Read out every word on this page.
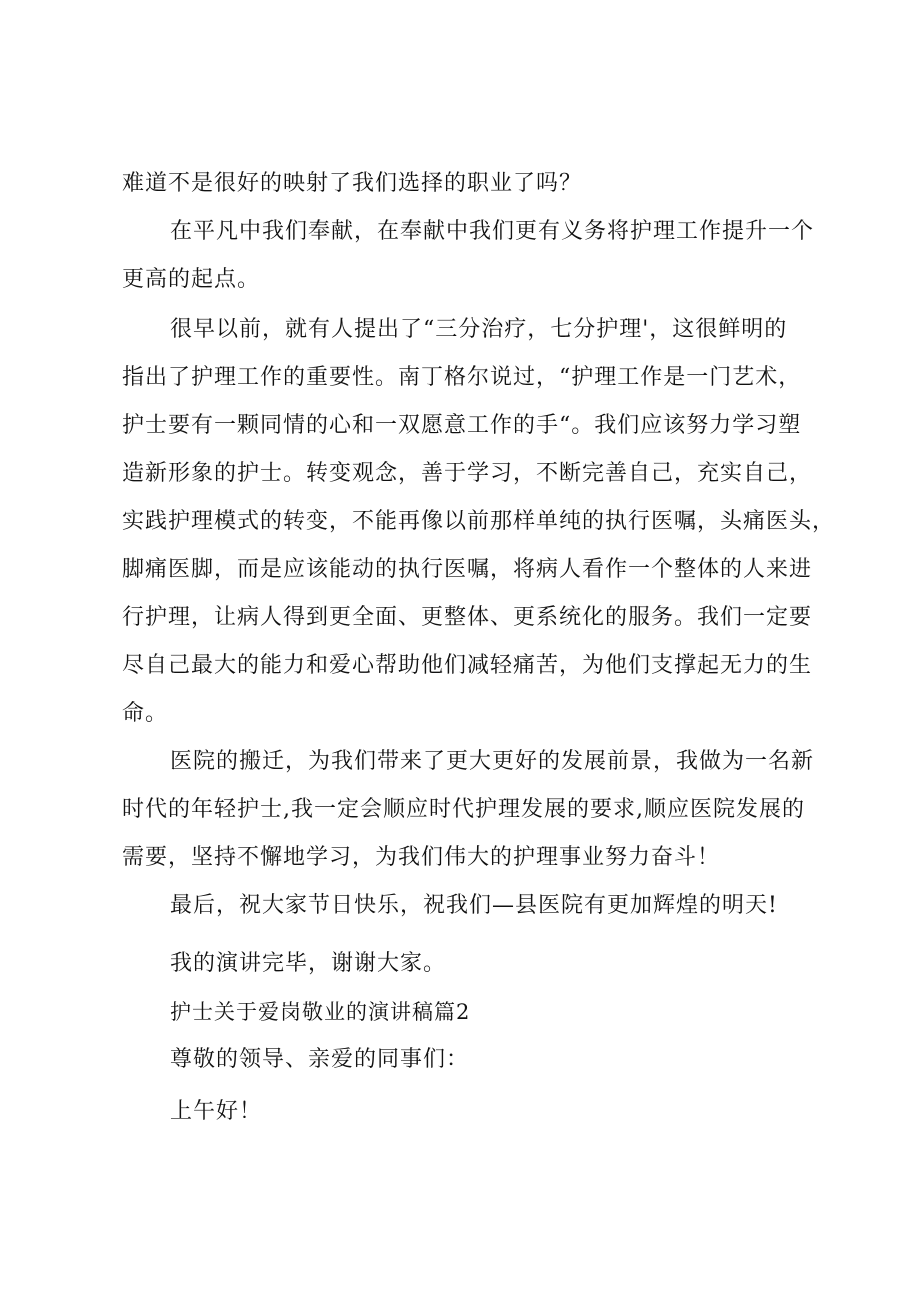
难道不是很好的映射了我们选择的职业了吗？

在平凡中我们奉献，在奉献中我们更有义务将护理工作提升一个
更高的起点。

很早以前，就有人提出了“三分治疗，七分护理'，这很鲜明的
指出了护理工作的重要性。南丁格尔说过，“护理工作是一门艺术，
护士要有一颗同情的心和一双愿意工作的手“。我们应该努力学习塑
造新形象的护士。转变观念，善于学习，不断完善自己，充实自己，
实践护理模式的转变，不能再像以前那样单纯的执行医嘱，头痛医头，
脚痛医脚，而是应该能动的执行医嘱，将病人看作一个整体的人来进
行护理，让病人得到更全面、更整体、更系统化的服务。我们一定要
尽自己最大的能力和爱心帮助他们减轻痛苦，为他们支撑起无力的生
命。

医院的搬迁，为我们带来了更大更好的发展前景，我做为一名新
时代的年轻护士,我一定会顺应时代护理发展的要求,顺应医院发展的
需要，坚持不懈地学习，为我们伟大的护理事业努力奋斗！

最后，祝大家节日快乐，祝我们—县医院有更加辉煌的明天!

我的演讲完毕，谢谢大家。

护士关于爱岗敬业的演讲稿篇2

尊敬的领导、亲爱的同事们：

上午好！
